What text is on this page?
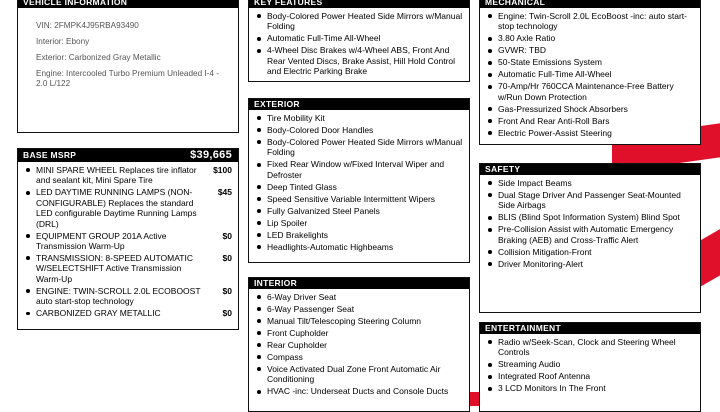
VEHICLE INFORMATION
VIN: 2FMPK4J95RBA93490
Interior: Ebony
Exterior: Carbonized Gray Metallic
Engine: Intercooled Turbo Premium Unleaded I-4 - 2.0 L/122
BASE MSRP	$39,665
MINI SPARE WHEEL Replaces tire inflator and sealant kit, Mini Spare Tire
$100
LED DAYTIME RUNNING LAMPS (NON-CONFIGURABLE) Replaces the standard LED configurable Daytime Running Lamps (DRL)
$45
EQUIPMENT GROUP 201A Active Transmission Warm-Up
$0
TRANSMISSION: 8-SPEED AUTOMATIC W/SELECTSHIFT Active Transmission Warm-Up
$0
ENGINE: TWIN-SCROLL 2.0L ECOBOOST auto start-stop technology
$0
CARBONIZED GRAY METALLIC	$0
KEY FEATURES
Body-Colored Power Heated Side Mirrors w/Manual Folding
Automatic Full-Time All-Wheel
4-Wheel Disc Brakes w/4-Wheel ABS, Front And Rear Vented Discs, Brake Assist, Hill Hold Control and Electric Parking Brake
EXTERIOR
Tire Mobility Kit
Body-Colored Door Handles
Body-Colored Power Heated Side Mirrors w/Manual Folding
Fixed Rear Window w/Fixed Interval Wiper and Defroster
Deep Tinted Glass
Speed Sensitive Variable Intermittent Wipers
Fully Galvanized Steel Panels
Lip Spoiler
LED Brakelights
Headlights-Automatic Highbeams
INTERIOR
6-Way Driver Seat
6-Way Passenger Seat
Manual Tilt/Telescoping Steering Column
Front Cupholder
Rear Cupholder
Compass
Voice Activated Dual Zone Front Automatic Air Conditioning
HVAC -inc: Underseat Ducts and Console Ducts
MECHANICAL
Engine: Twin-Scroll 2.0L EcoBoost -inc: auto start-stop technology
3.80 Axle Ratio
GVWR: TBD
50-State Emissions System
Automatic Full-Time All-Wheel
70-Amp/Hr 760CCA Maintenance-Free Battery w/Run Down Protection
Gas-Pressurized Shock Absorbers
Front And Rear Anti-Roll Bars
Electric Power-Assist Steering
SAFETY
Side Impact Beams
Dual Stage Driver And Passenger Seat-Mounted Side Airbags
BLIS (Blind Spot Information System) Blind Spot
Pre-Collision Assist with Automatic Emergency Braking (AEB) and Cross-Traffic Alert
Collision Mitigation-Front
Driver Monitoring-Alert
ENTERTAINMENT
Radio w/Seek-Scan, Clock and Steering Wheel Controls
Streaming Audio
Integrated Roof Antenna
3 LCD Monitors In The Front
